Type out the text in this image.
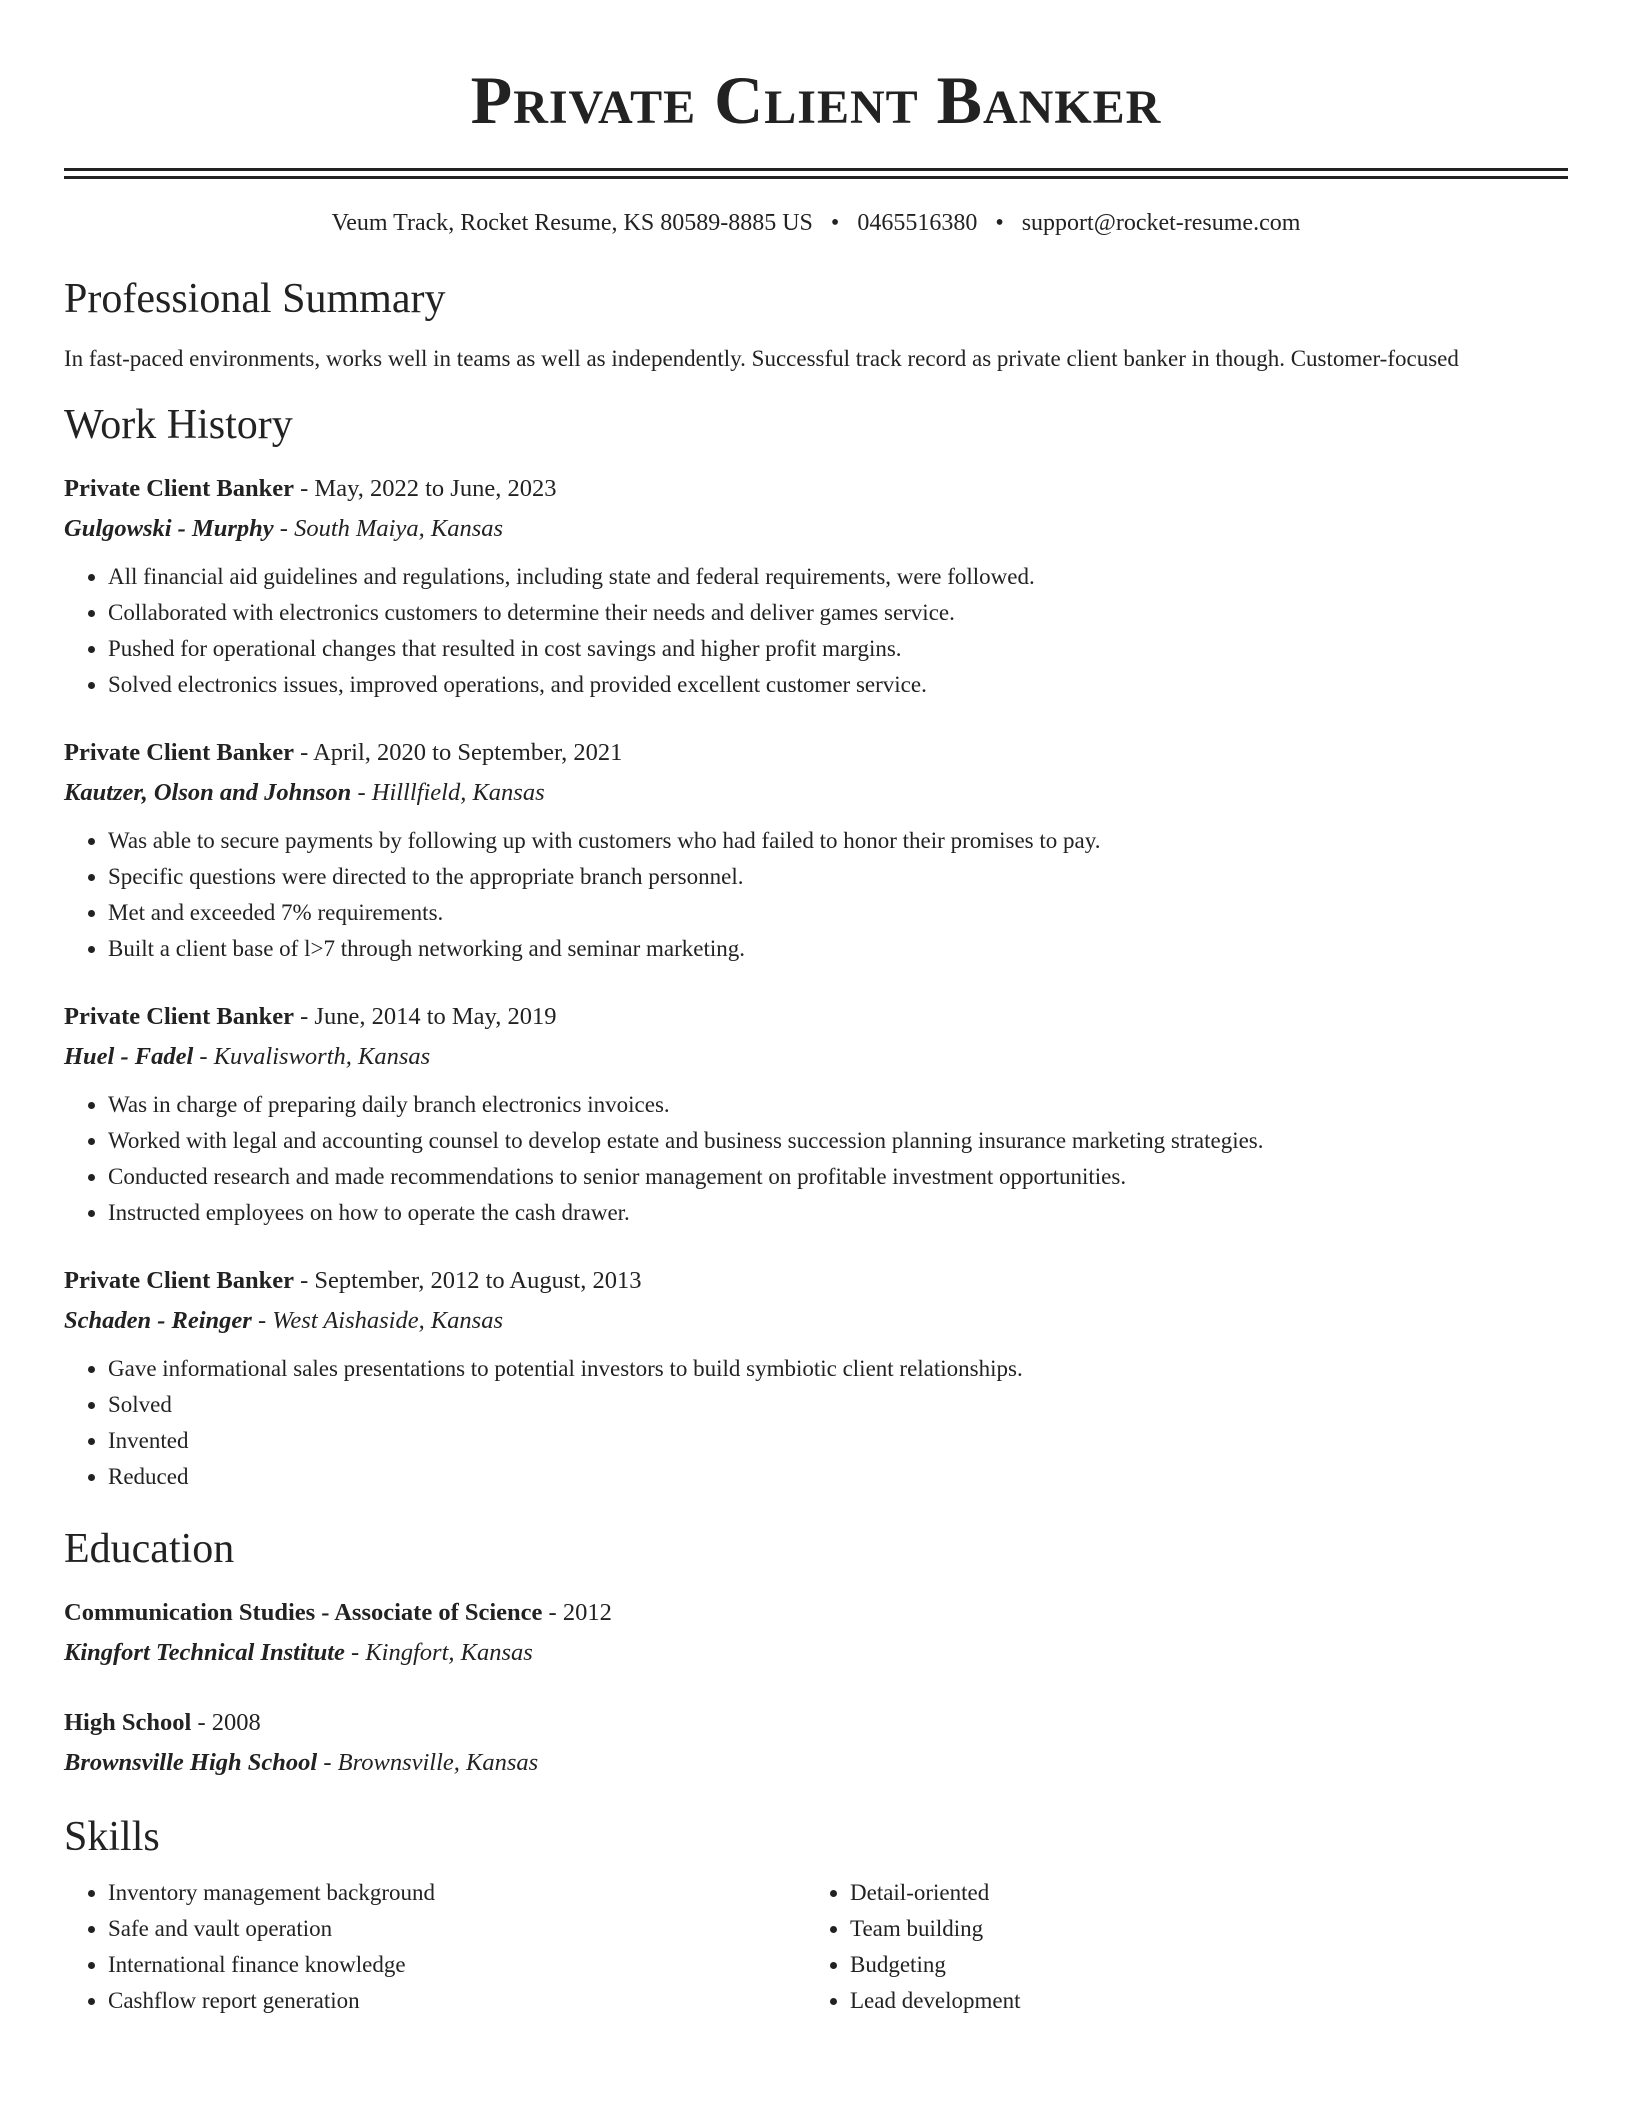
Private Client Banker
Veum Track, Rocket Resume, KS 80589-8885 US • 0465516380 • support@rocket-resume.com
Professional Summary
In fast-paced environments, works well in teams as well as independently. Successful track record as private client banker in though. Customer-focused
Work History
Private Client Banker - May, 2022 to June, 2023
Gulgowski - Murphy - South Maiya, Kansas
• All financial aid guidelines and regulations, including state and federal requirements, were followed.
• Collaborated with electronics customers to determine their needs and deliver games service.
• Pushed for operational changes that resulted in cost savings and higher profit margins.
• Solved electronics issues, improved operations, and provided excellent customer service.
Private Client Banker - April, 2020 to September, 2021
Kautzer, Olson and Johnson - Hilllfield, Kansas
• Was able to secure payments by following up with customers who had failed to honor their promises to pay.
• Specific questions were directed to the appropriate branch personnel.
• Met and exceeded 7% requirements.
• Built a client base of l>7 through networking and seminar marketing.
Private Client Banker - June, 2014 to May, 2019
Huel - Fadel - Kuvalisworth, Kansas
• Was in charge of preparing daily branch electronics invoices.
• Worked with legal and accounting counsel to develop estate and business succession planning insurance marketing strategies.
• Conducted research and made recommendations to senior management on profitable investment opportunities.
• Instructed employees on how to operate the cash drawer.
Private Client Banker - September, 2012 to August, 2013
Schaden - Reinger - West Aishaside, Kansas
• Gave informational sales presentations to potential investors to build symbiotic client relationships.
• Solved
• Invented
• Reduced
Education
Communication Studies - Associate of Science - 2012
Kingfort Technical Institute - Kingfort, Kansas
High School - 2008
Brownsville High School - Brownsville, Kansas
Skills
• Inventory management background
• Safe and vault operation
• International finance knowledge
• Cashflow report generation
• Detail-oriented
• Team building
• Budgeting
• Lead development
